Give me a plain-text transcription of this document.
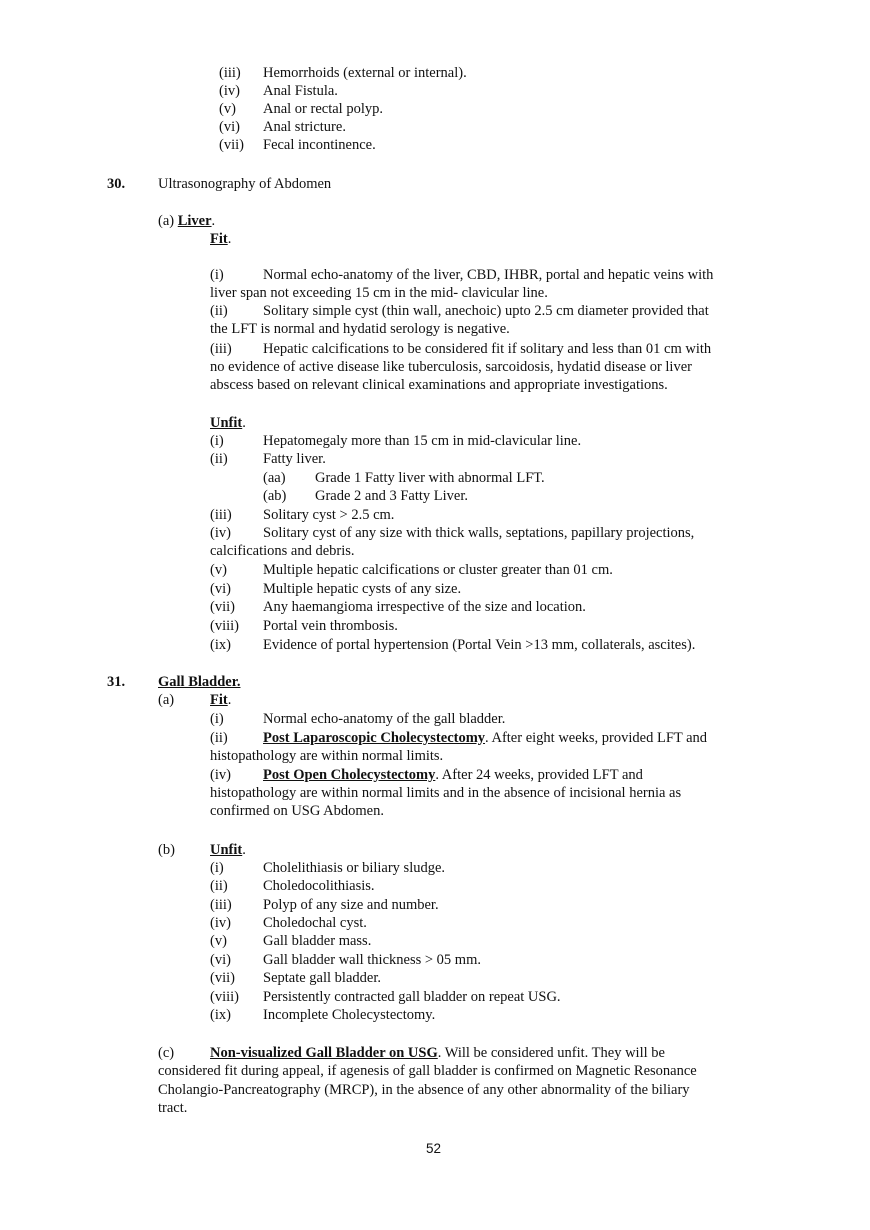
(iii) Hemorrhoids (external or internal).
(iv) Anal Fistula.
(v) Anal or rectal polyp.
(vi) Anal stricture.
(vii) Fecal incontinence.
30. Ultrasonography of Abdomen
(a) Liver.
Fit.
(i)	Normal echo-anatomy of the liver, CBD, IHBR, portal and hepatic veins with
liver span not exceeding 15 cm in the mid- clavicular line.
(ii) Solitary simple cyst (thin wall, anechoic) upto 2.5 cm diameter provided that
the LFT is normal and hydatid serology is negative.
(iii) Hepatic calcifications to be considered fit if solitary and less than 01 cm with
no evidence of active disease like tuberculosis, sarcoidosis, hydatid disease or liver
abscess based on relevant clinical examinations and appropriate investigations.
Unfit.
(i)	Hepatomegaly more than 15 cm in mid-clavicular line.
(ii) Fatty liver.
(aa) Grade 1 Fatty liver with abnormal LFT.
(ab) Grade 2 and 3 Fatty Liver.
(iii) Solitary cyst > 2.5 cm.
(iv) Solitary cyst of any size with thick walls, septations, papillary projections,
calcifications and debris.
(v) Multiple hepatic calcifications or cluster greater than 01 cm.
(vi) Multiple hepatic cysts of any size.
(vii) Any haemangioma irrespective of the size and location.
(viii) Portal vein thrombosis.
(ix) Evidence of portal hypertension (Portal Vein >13 mm, collaterals, ascites).
31. Gall Bladder.
(a) Fit.
(i)	Normal echo-anatomy of the gall bladder.
(ii) Post Laparoscopic Cholecystectomy. After eight weeks, provided LFT and
histopathology are within normal limits.
(iv) Post Open Cholecystectomy. After 24 weeks, provided LFT and
histopathology are within normal limits and in the absence of incisional hernia as
confirmed on USG Abdomen.
(b) Unfit.
(i)	Cholelithiasis or biliary sludge.
(ii) Choledocolithiasis.
(iii) Polyp of any size and number.
(iv) Choledochal cyst.
(v) Gall bladder mass.
(vi) Gall bladder wall thickness > 05 mm.
(vii) Septate gall bladder.
(viii) Persistently contracted gall bladder on repeat USG.
(ix) Incomplete Cholecystectomy.
(c) Non-visualized Gall Bladder on USG. Will be considered unfit. They will be
considered fit during appeal, if agenesis of gall bladder is confirmed on Magnetic Resonance
Cholangio-Pancreatography (MRCP), in the absence of any other abnormality of the biliary
tract.
52
